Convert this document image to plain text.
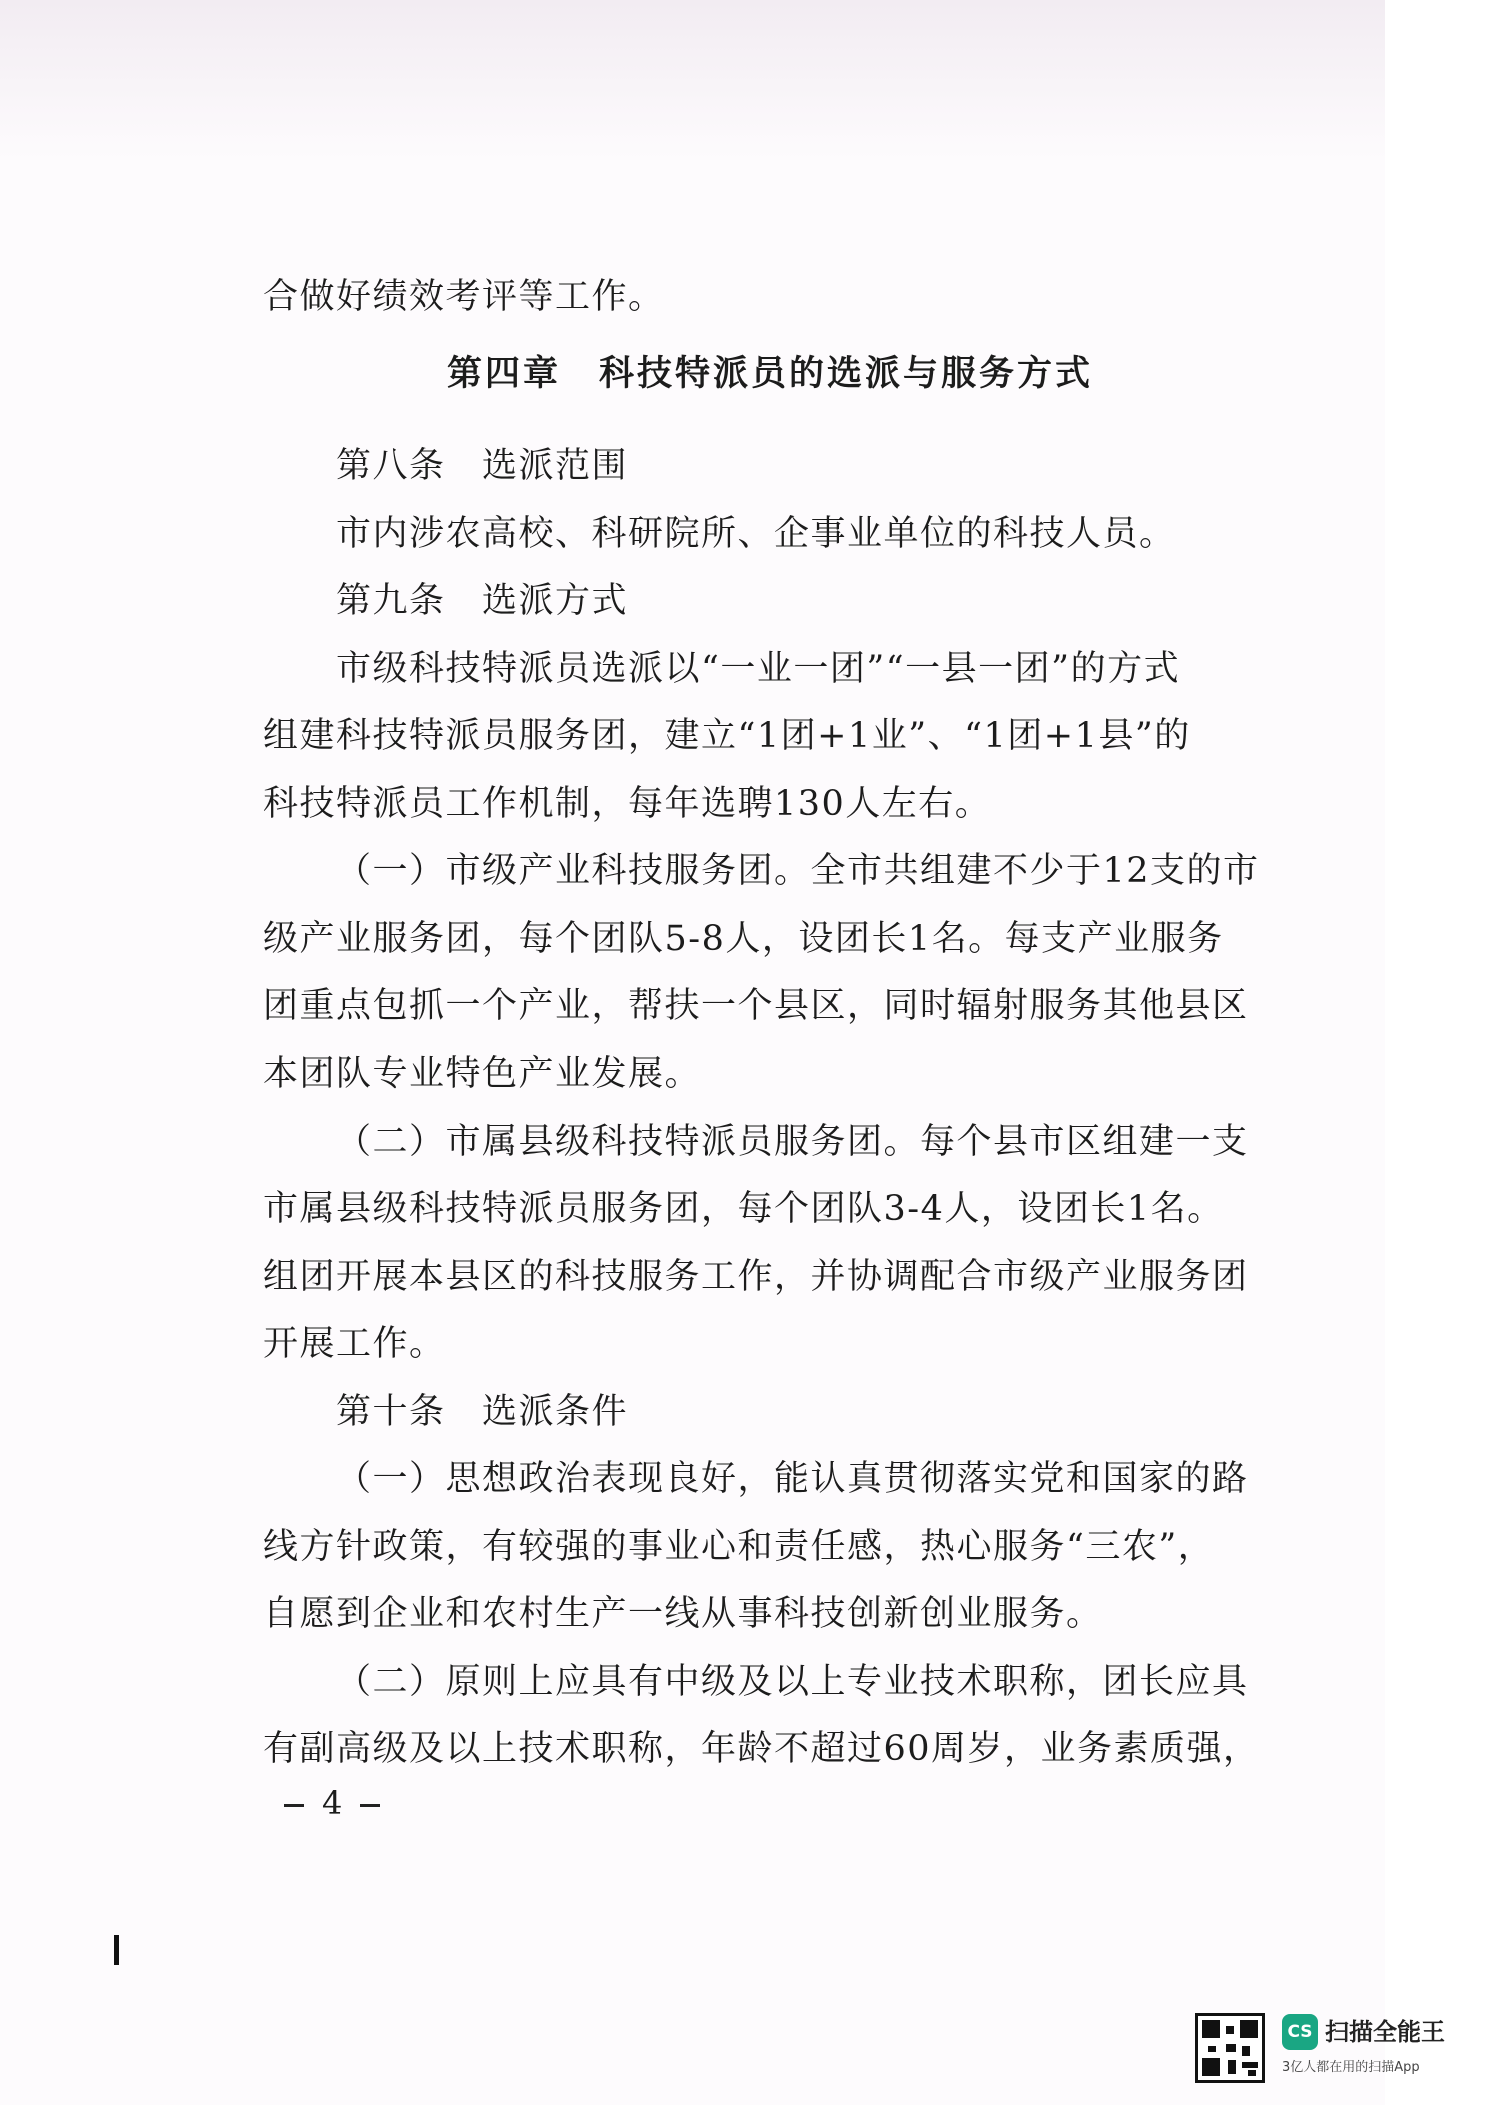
合做好绩效考评等工作。
第四章　科技特派员的选派与服务方式
第八条　选派范围
市内涉农高校、科研院所、企事业单位的科技人员。
第九条　选派方式
市级科技特派员选派以“一业一团”“一县一团”的方式
组建科技特派员服务团，建立“1团+1业”、“1团+1县”的
科技特派员工作机制，每年选聘130人左右。
（一）市级产业科技服务团。全市共组建不少于12支的市
级产业服务团，每个团队5-8人，设团长1名。每支产业服务
团重点包抓一个产业，帮扶一个县区，同时辐射服务其他县区
本团队专业特色产业发展。
（二）市属县级科技特派员服务团。每个县市区组建一支
市属县级科技特派员服务团，每个团队3-4人，设团长1名。
组团开展本县区的科技服务工作，并协调配合市级产业服务团
开展工作。
第十条　选派条件
（一）思想政治表现良好，能认真贯彻落实党和国家的路
线方针政策，有较强的事业心和责任感，热心服务“三农”，
自愿到企业和农村生产一线从事科技创新创业服务。
（二）原则上应具有中级及以上专业技术职称，团长应具
有副高级及以上技术职称，年龄不超过60周岁，业务素质强，
4
CS 扫描全能王
3亿人都在用的扫描App
